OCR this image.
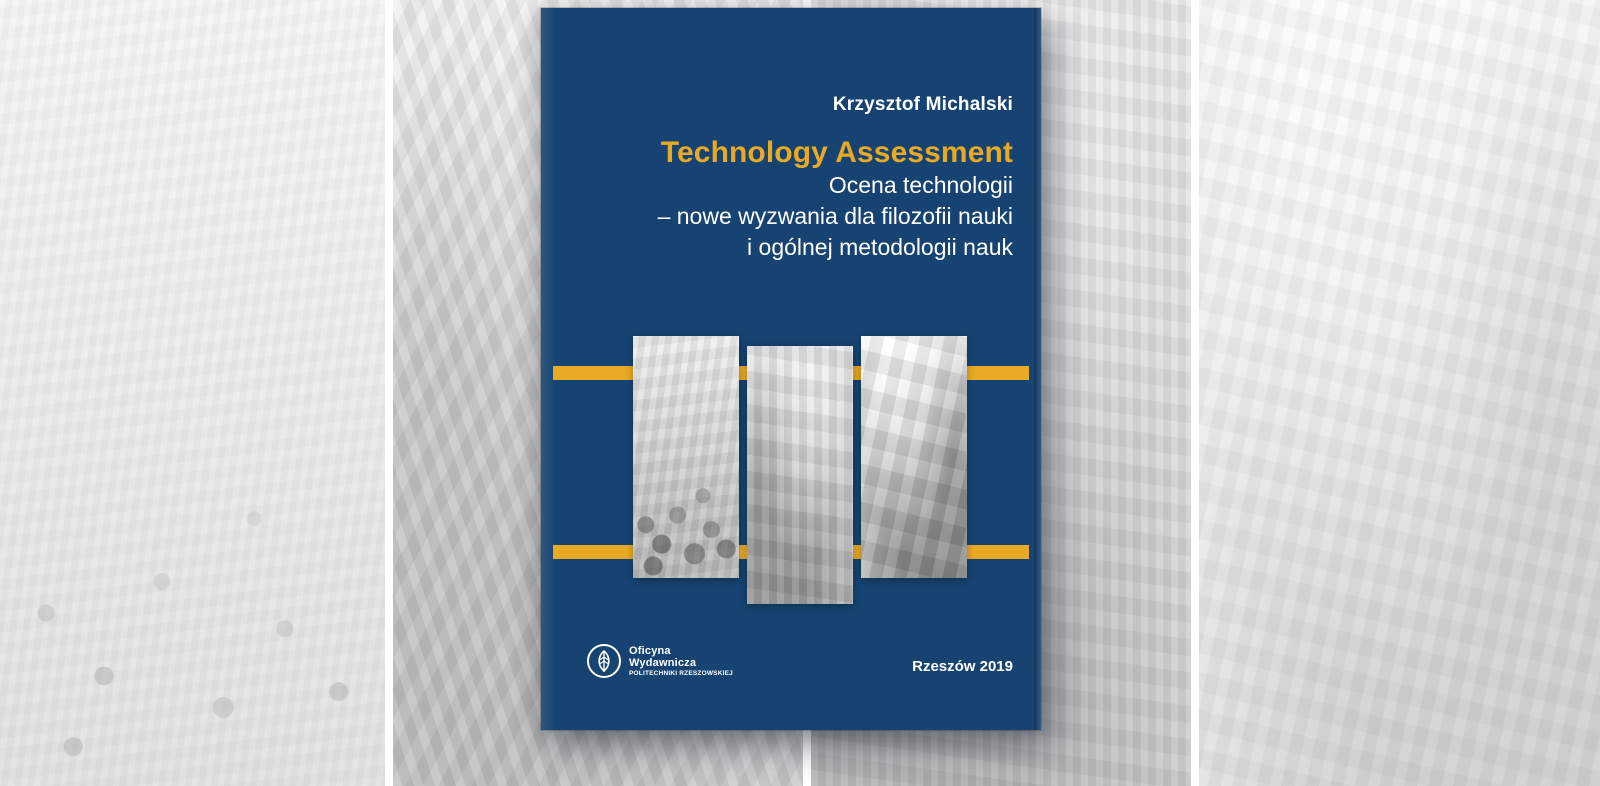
Krzysztof Michalski
Technology Assessment
Ocena technologii
– nowe wyzwania dla filozofii nauki
i ogólnej metodologii nauk
Oficyna
Wydawnicza
POLITECHNIKI RZESZOWSKIEJ	Rzeszów 2019
